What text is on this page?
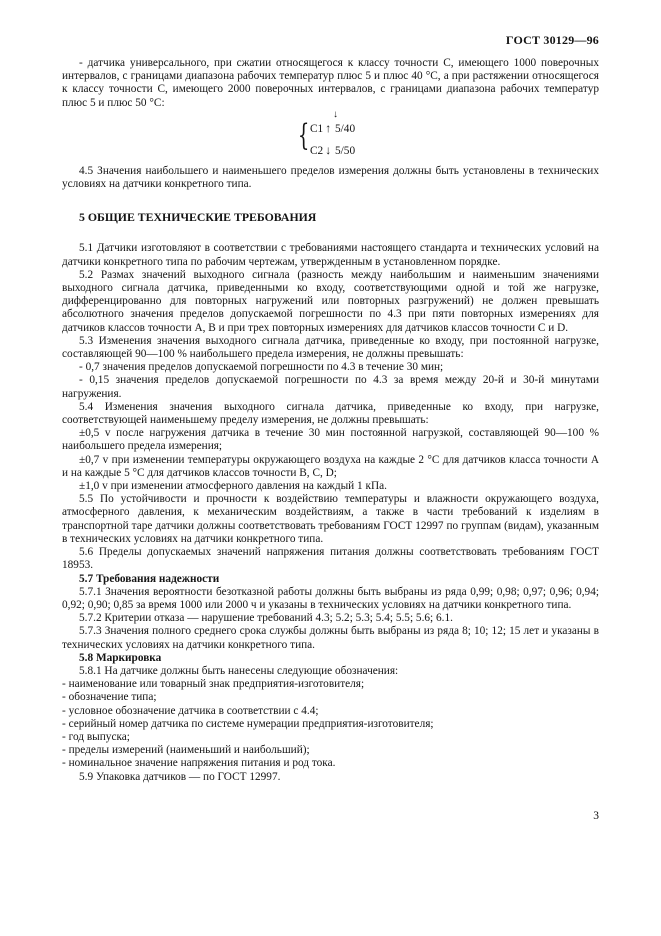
ГОСТ 30129—96

- датчика универсального, при сжатии относящегося к классу точности С, имеющего 1000 поверочных интервалов, с границами диапазона рабочих температур плюс 5 и плюс 40 °С, а при растяжении относящегося к классу точности С, имеющего 2000 поверочных интервалов, с границами диапазона рабочих температур плюс 5 и плюс 50 °С:

↓
{ С1 ↑ 5/40
С2 ↓ 5/50

4.5 Значения наибольшего и наименьшего пределов измерения должны быть установлены в технических условиях на датчики конкретного типа.

5 ОБЩИЕ ТЕХНИЧЕСКИЕ ТРЕБОВАНИЯ

5.1 Датчики изготовляют в соответствии с требованиями настоящего стандарта и технических условий на датчики конкретного типа по рабочим чертежам, утвержденным в установленном порядке.

5.2 Размах значений выходного сигнала (разность между наибольшим и наименьшим значениями выходного сигнала датчика, приведенными ко входу, соответствующими одной и той же нагрузке, дифференцированно для повторных нагружений или повторных разгружений) не должен превышать абсолютного значения пределов допускаемой погрешности по 4.3 при пяти повторных измерениях для датчиков классов точности А, В и при трех повторных измерениях для датчиков классов точности С и D.

5.3 Изменения значения выходного сигнала датчика, приведенные ко входу, при постоянной нагрузке, составляющей 90—100 % наибольшего предела измерения, не должны превышать:

- 0,7 значения пределов допускаемой погрешности по 4.3 в течение 30 мин;

- 0,15 значения пределов допускаемой погрешности по 4.3 за время между 20-й и 30-й минутами нагружения.

5.4 Изменения значения выходного сигнала датчика, приведенные ко входу, при нагрузке, соответствующей наименьшему пределу измерения, не должны превышать:

±0,5 v после нагружения датчика в течение 30 мин постоянной нагрузкой, составляющей 90—100 % наибольшего предела измерения;

±0,7 v при изменении температуры окружающего воздуха на каждые 2 °С для датчиков класса точности А и на каждые 5 °С для датчиков классов точности В, С, D;

±1,0 v при изменении атмосферного давления на каждый 1 кПа.

5.5 По устойчивости и прочности к воздействию температуры и влажности окружающего воздуха, атмосферного давления, к механическим воздействиям, а также в части требований к изделиям в транспортной таре датчики должны соответствовать требованиям ГОСТ 12997 по группам (видам), указанным в технических условиях на датчики конкретного типа.

5.6 Пределы допускаемых значений напряжения питания должны соответствовать требованиям ГОСТ 18953.

5.7 Требования надежности

5.7.1 Значения вероятности безотказной работы должны быть выбраны из ряда 0,99; 0,98; 0,97; 0,96; 0,94; 0,92; 0,90; 0,85 за время 1000 или 2000 ч и указаны в технических условиях на датчики конкретного типа.

5.7.2 Критерии отказа — нарушение требований 4.3; 5.2; 5.3; 5.4; 5.5; 5.6; 6.1.

5.7.3 Значения полного среднего срока службы должны быть выбраны из ряда 8; 10; 12; 15 лет и указаны в технических условиях на датчики конкретного типа.

5.8 Маркировка

5.8.1 На датчике должны быть нанесены следующие обозначения:

- наименование или товарный знак предприятия-изготовителя;

- обозначение типа;

- условное обозначение датчика в соответствии с 4.4;

- серийный номер датчика по системе нумерации предприятия-изготовителя;

- год выпуска;

- пределы измерений (наименьший и наибольший);

- номинальное значение напряжения питания и род тока.

5.9 Упаковка датчиков — по ГОСТ 12997.

3
